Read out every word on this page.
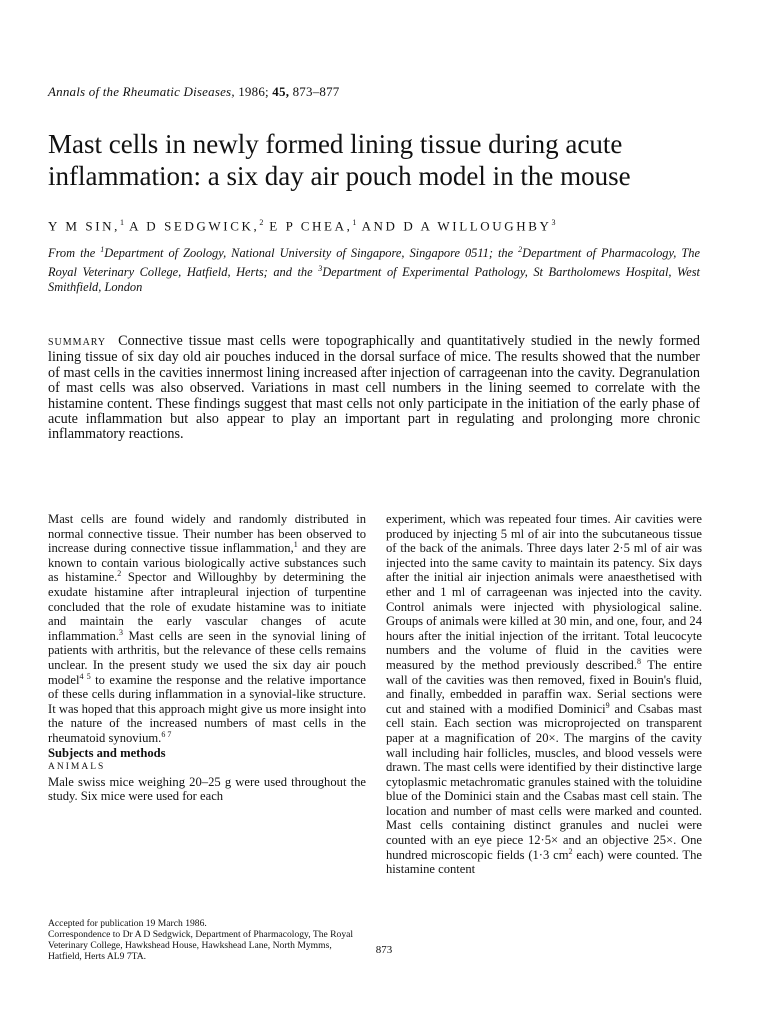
Annals of the Rheumatic Diseases, 1986; 45, 873–877
Mast cells in newly formed lining tissue during acute inflammation: a six day air pouch model in the mouse
Y M SIN,$^1$ A D SEDGWICK,$^2$ E P CHEA,$^1$ AND D A WILLOUGHBY$^3$
From the $^1$Department of Zoology, National University of Singapore, Singapore 0511; the $^2$Department of Pharmacology, The Royal Veterinary College, Hatfield, Herts; and the $^3$Department of Experimental Pathology, St Bartholomews Hospital, West Smithfield, London
SUMMARY Connective tissue mast cells were topographically and quantitatively studied in the newly formed lining tissue of six day old air pouches induced in the dorsal surface of mice. The results showed that the number of mast cells in the cavities innermost lining increased after injection of carrageenan into the cavity. Degranulation of mast cells was also observed. Variations in mast cell numbers in the lining seemed to correlate with the histamine content. These findings suggest that mast cells not only participate in the initiation of the early phase of acute inflammation but also appear to play an important part in regulating and prolonging more chronic inflammatory reactions.

Mast cells are found widely and randomly distributed in normal connective tissue. Their number has been observed to increase during connective tissue inflammation,$^1$ and they are known to contain various biologically active substances such as histamine.$^2$ Spector and Willoughby by determining the exudate histamine after intrapleural injection of turpentine concluded that the role of exudate histamine was to initiate and maintain the early vascular changes of acute inflammation.$^3$ Mast cells are seen in the synovial lining of patients with arthritis, but the relevance of these cells remains unclear. In the present study we used the six day air pouch model$^{4 5}$ to examine the response and the relative importance of these cells during inflammation in a synovial-like structure. It was hoped that this approach might give us more insight into the nature of the increased numbers of mast cells in the rheumatoid synovium.$^{6 7}$

Subjects and methods

ANIMALS

Male swiss mice weighing 20–25 g were used throughout the study. Six mice were used for each

Accepted for publication 19 March 1986.

Correspondence to Dr A D Sedgwick, Department of Pharmacology, The Royal Veterinary College, Hawkshead House, Hawkshead Lane, North Mymms, Hatfield, Herts AL9 7TA.

experiment, which was repeated four times. Air cavities were produced by injecting 5 ml of air into the subcutaneous tissue of the back of the animals. Three days later 2·5 ml of air was injected into the same cavity to maintain its patency. Six days after the initial air injection animals were anaesthetised with ether and 1 ml of carrageenan was injected into the cavity. Control animals were injected with physiological saline. Groups of animals were killed at 30 min, and one, four, and 24 hours after the initial injection of the irritant. Total leucocyte numbers and the volume of fluid in the cavities were measured by the method previously described.$^8$ The entire wall of the cavities was then removed, fixed in Bouin's fluid, and finally, embedded in paraffin wax. Serial sections were cut and stained with a modified Dominici$^9$ and Csabas mast cell stain. Each section was microprojected on transparent paper at a magnification of 20×. The margins of the cavity wall including hair follicles, muscles, and blood vessels were drawn. The mast cells were identified by their distinctive large cytoplasmic metachromatic granules stained with the toluidine blue of the Dominici stain and the Csabas mast cell stain. The location and number of mast cells were marked and counted. Mast cells containing distinct granules and nuclei were counted with an eye piece 12·5× and an objective 25×. One hundred microscopic fields (1·3 $cm^2$ each) were counted. The histamine content

873
